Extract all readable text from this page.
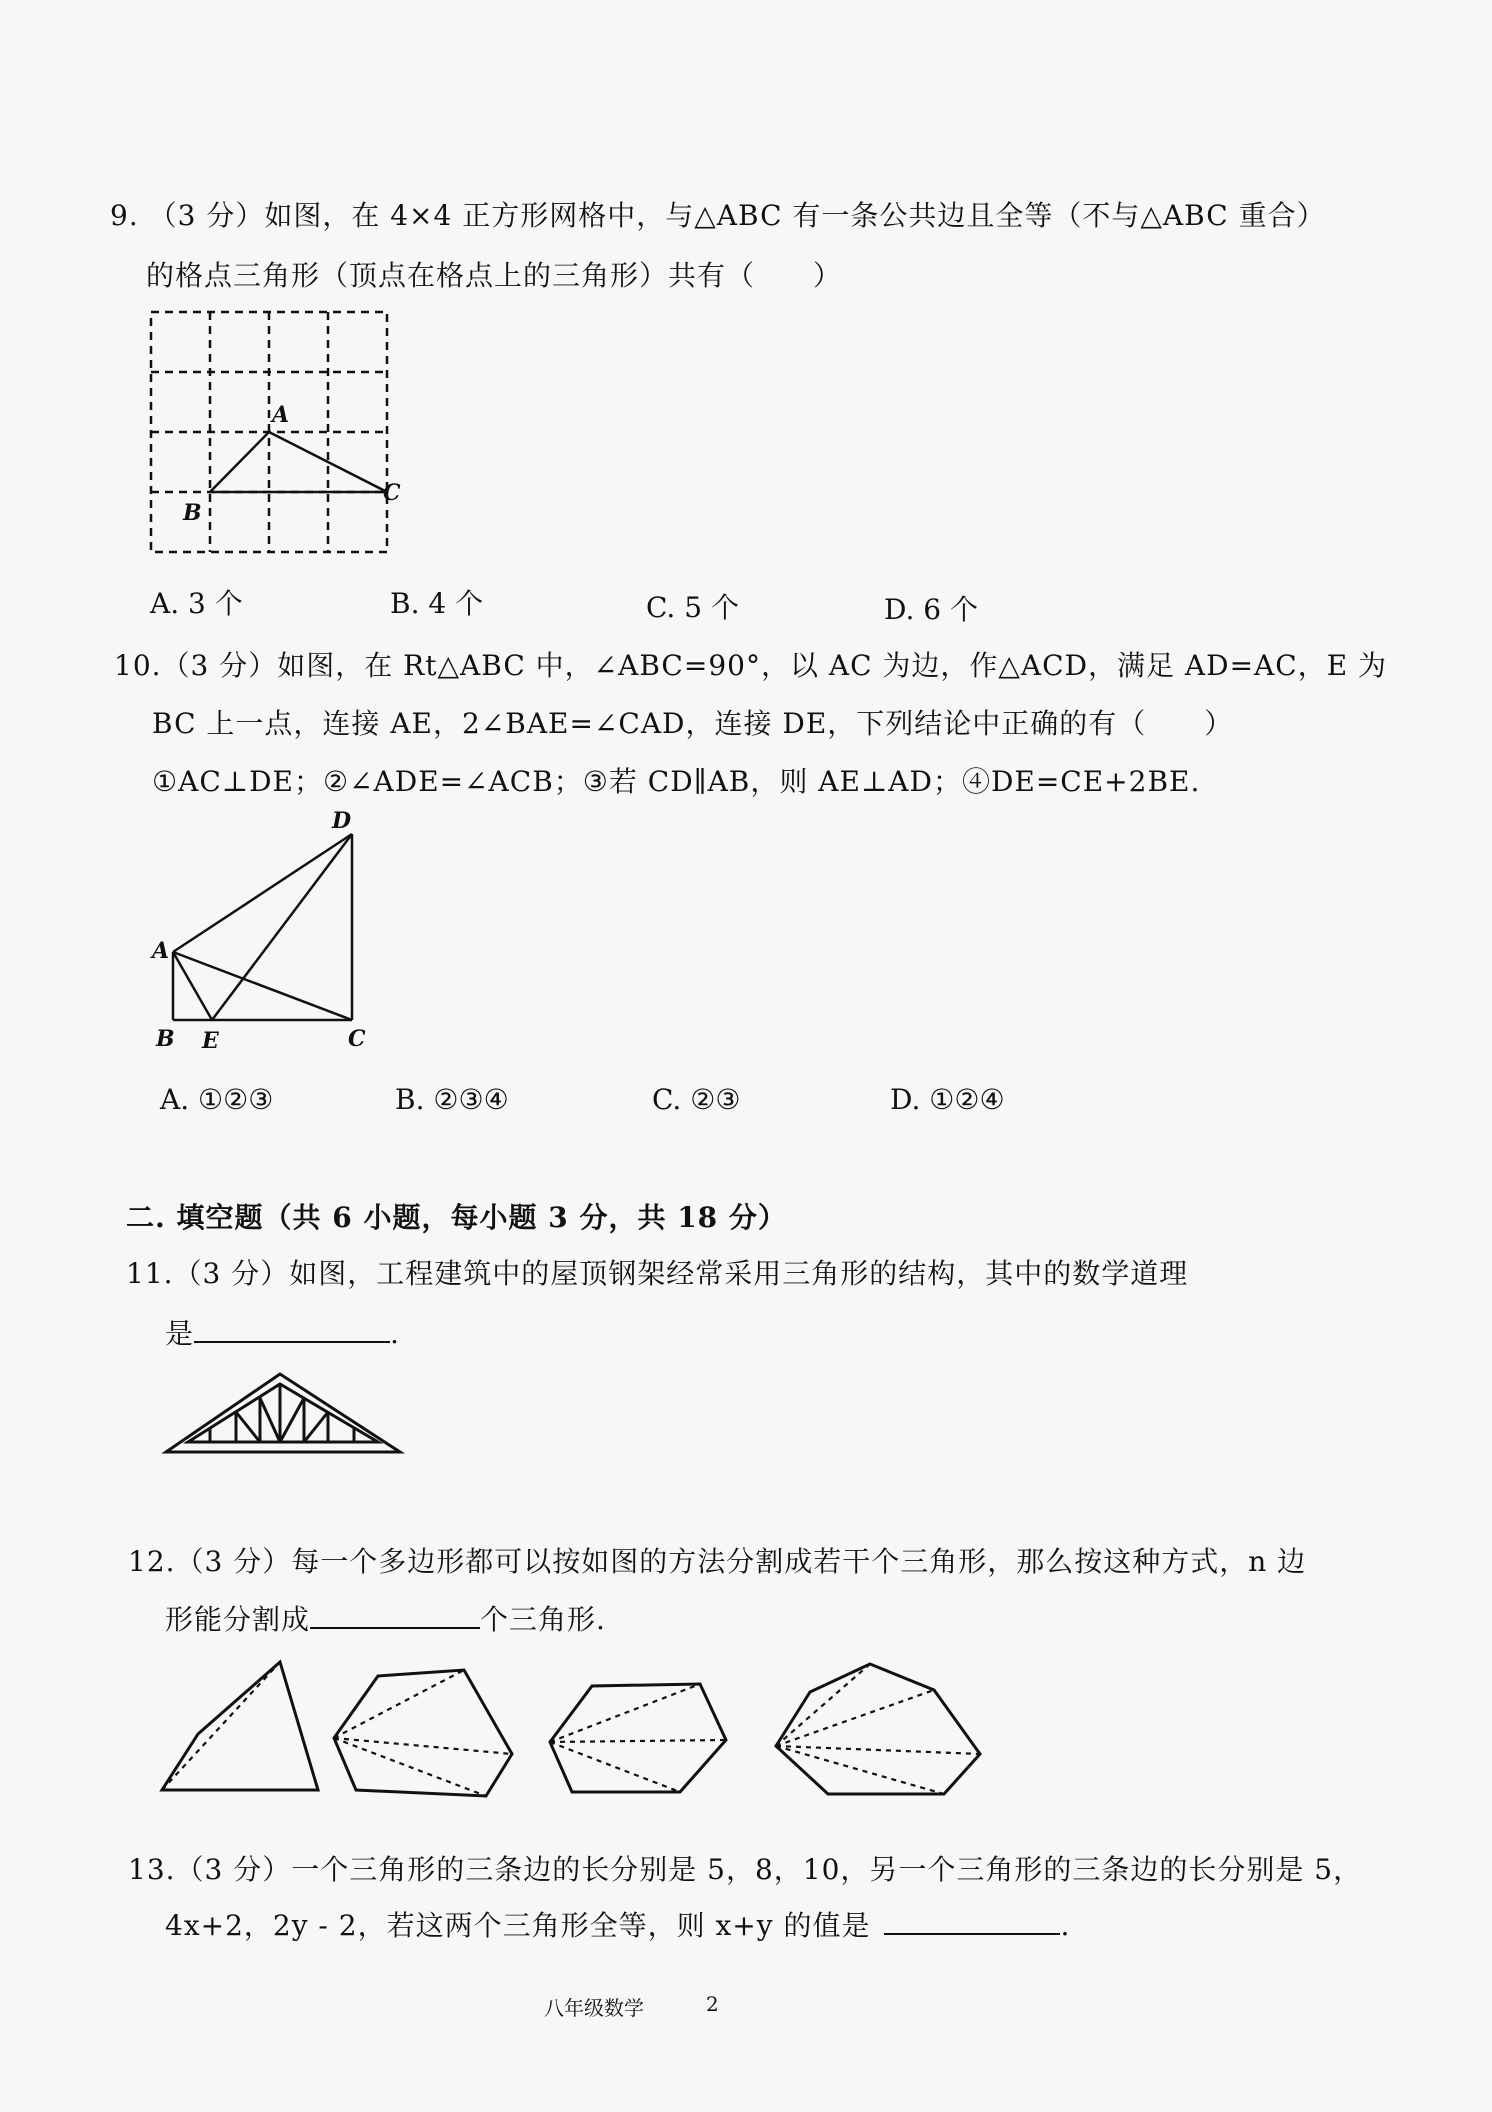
9. （3 分）如图，在 4×4 正方形网格中，与△ABC 有一条公共边且全等（不与△ABC 重合）
的格点三角形（顶点在格点上的三角形）共有（　　）
A
B
C
A. 3 个	B. 4 个	C. 5 个	D. 6 个
10.（3 分）如图，在 Rt△ABC 中，∠ABC=90°，以 AC 为边，作△ACD，满足 AD=AC，E 为
BC 上一点，连接 AE，2∠BAE=∠CAD，连接 DE，下列结论中正确的有（　　）
①AC⊥DE；②∠ADE=∠ACB；③若 CD∥AB，则 AE⊥AD；④DE=CE+2BE.
D
A
B E	C
A. ①②③	B. ②③④	C. ②③	D. ①②④
二. 填空题（共 6 小题，每小题 3 分，共 18 分）
11.（3 分）如图，工程建筑中的屋顶钢架经常采用三角形的结构，其中的数学道理
是	.
12.（3 分）每一个多边形都可以按如图的方法分割成若干个三角形，那么按这种方式，n 边
形能分割成	个三角形.
13.（3 分）一个三角形的三条边的长分别是 5，8，10，另一个三角形的三条边的长分别是 5，
4x+2，2y - 2，若这两个三角形全等，则 x+y 的值是	.
八年级数学	2
